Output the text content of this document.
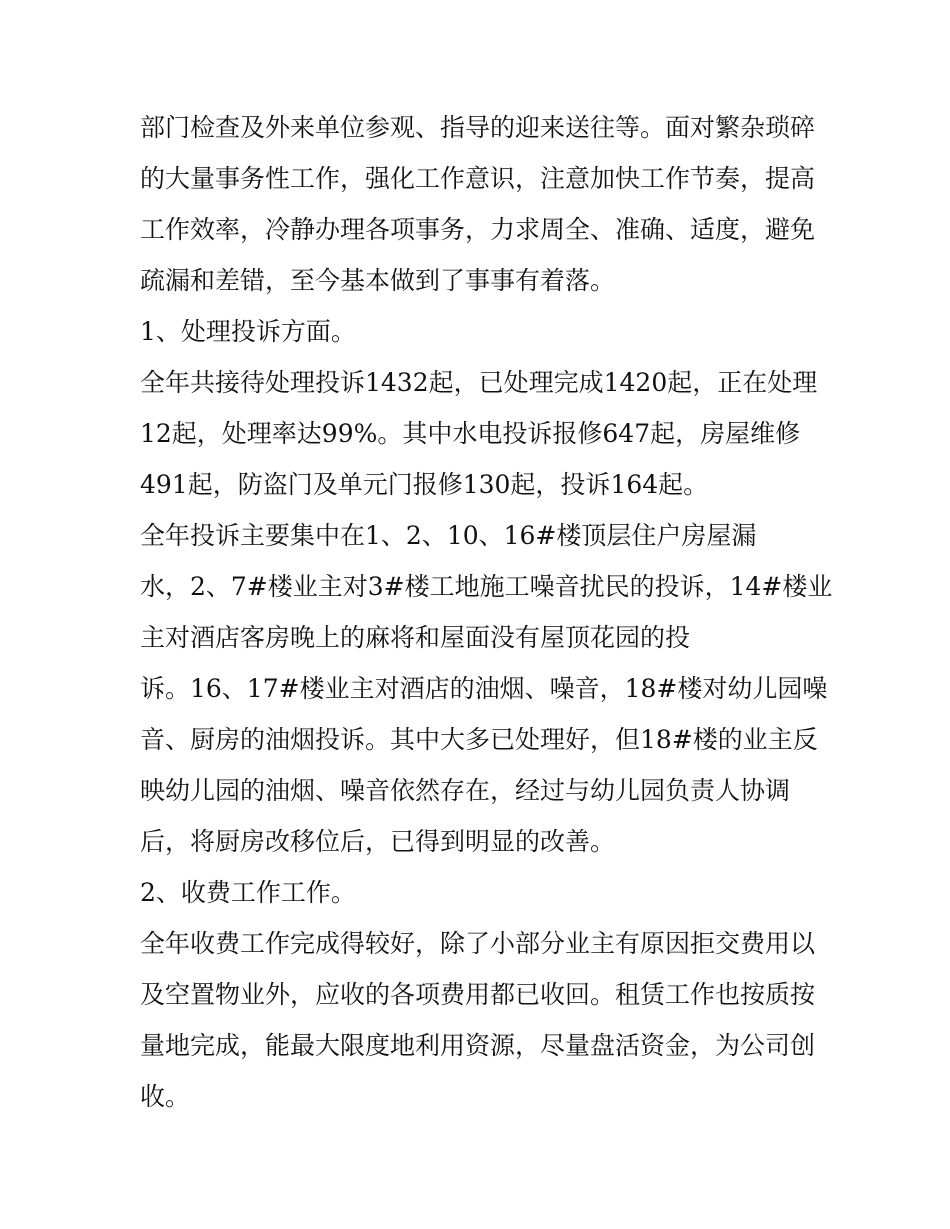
部门检查及外来单位参观、指导的迎来送往等。面对繁杂琐碎
的大量事务性工作，强化工作意识，注意加快工作节奏，提高
工作效率，冷静办理各项事务，力求周全、准确、适度，避免
疏漏和差错，至今基本做到了事事有着落。
1、处理投诉方面。
全年共接待处理投诉1432起，已处理完成1420起，正在处理
12起，处理率达99%。其中水电投诉报修647起，房屋维修
491起，防盗门及单元门报修130起，投诉164起。
全年投诉主要集中在1、2、10、16#楼顶层住户房屋漏
水，2、7#楼业主对3#楼工地施工噪音扰民的投诉，14#楼业
主对酒店客房晚上的麻将和屋面没有屋顶花园的投
诉。16、17#楼业主对酒店的油烟、噪音，18#楼对幼儿园噪
音、厨房的油烟投诉。其中大多已处理好，但18#楼的业主反
映幼儿园的油烟、噪音依然存在，经过与幼儿园负责人协调
后，将厨房改移位后，已得到明显的改善。
2、收费工作工作。
全年收费工作完成得较好，除了小部分业主有原因拒交费用以
及空置物业外，应收的各项费用都已收回。租赁工作也按质按
量地完成，能最大限度地利用资源，尽量盘活资金，为公司创
收。
